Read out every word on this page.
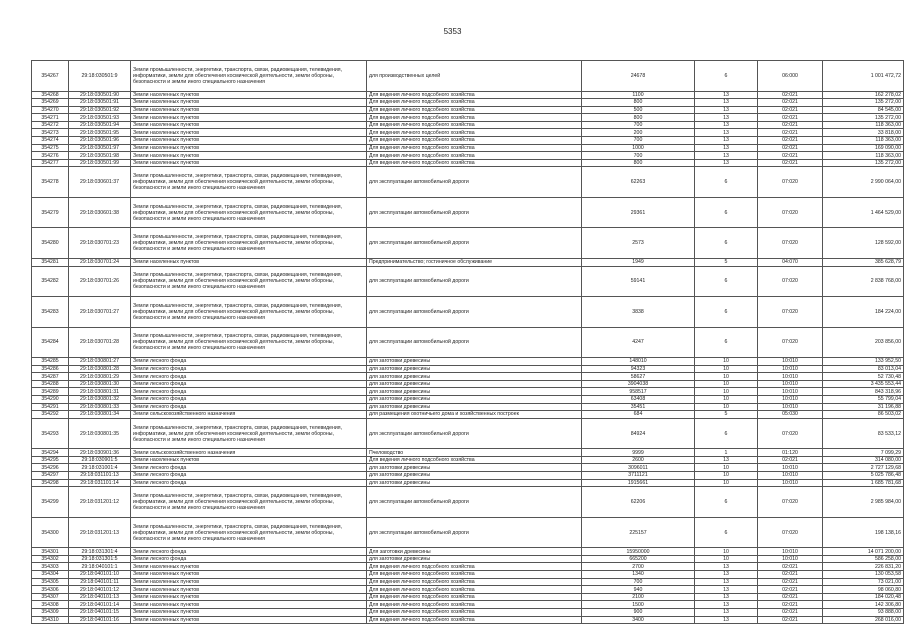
5353
354267	29:18:030501:9	Земли промышленности, энергетики, транспорта, связи, радиовещания, телевидения, информатики, земли для обеспечения космической деятельности, земли обороны, безопасности и земли иного специального назначения	для производственных целей	24678	6	06:000	1 001 472,72
354268	29:18:030501:90	Земли населенных пунктов	Для ведения личного подсобного хозяйства	1100	13	02:021	162 278,02
354269	29:18:030501:91	Земли населенных пунктов	Для ведения личного подсобного хозяйства	800	13	02:021	135 272,00
354270	29:18:030501:92	Земли населенных пунктов	Для ведения личного подсобного хозяйства	500	13	02:021	84 545,00
354271	29:18:030501:93	Земли населенных пунктов	Для ведения личного подсобного хозяйства	800	13	02:021	135 272,00
354272	29:18:030501:94	Земли населенных пунктов	Для ведения личного подсобного хозяйства	700	13	02:021	118 363,00
354273	29:18:030501:95	Земли населенных пунктов	Для ведения личного подсобного хозяйства	200	13	02:021	33 818,00
354274	29:18:030501:96	Земли населенных пунктов	Для ведения личного подсобного хозяйства	700	13	02:021	118 363,00
354275	29:18:030501:97	Земли населенных пунктов	Для ведения личного подсобного хозяйства	1000	13	02:021	169 090,00
354276	29:18:030501:98	Земли населенных пунктов	Для ведения личного подсобного хозяйства	700	13	02:021	118 363,00
354277	29:18:030501:99	Земли населенных пунктов	Для ведения личного подсобного хозяйства	800	13	02:021	135 272,00
354278	29:18:030601:37	Земли промышленности, энергетики, транспорта, связи, радиовещания, телевидения, информатики, земли для обеспечения космической деятельности, земли обороны, безопасности и земли иного специального назначения	для эксплуатации автомобильной дороги	62263	6	07:020	2 990 064,00
354279	29:18:030601:38	Земли промышленности, энергетики, транспорта, связи, радиовещания, телевидения, информатики, земли для обеспечения космической деятельности, земли обороны, безопасности и земли иного специального назначения	для эксплуатации автомобильной дороги	29361	6	07:020	1 464 529,00
354280	29:18:030701:23	Земли промышленности, энергетики, транспорта, связи, радиовещания, телевидения, информатики, земли для обеспечения космической деятельности, земли обороны, безопасности и земли иного специального назначения	для эксплуатации автомобильной дороги	2573	6	07:020	128 592,00
354281	29:18:030701:24	Земли населенных пунктов	Предпринимательство; гостиничное обслуживание	1949	5	04:070	385 628,79
354282	29:18:030701:26	Земли промышленности, энергетики, транспорта, связи, радиовещания, телевидения, информатики, земли для обеспечения космической деятельности, земли обороны, безопасности и земли иного специального назначения	для эксплуатации автомобильной дороги	59141	6	07:020	2 838 768,00
354283	29:18:030701:27	Земли промышленности, энергетики, транспорта, связи, радиовещания, телевидения, информатики, земли для обеспечения космической деятельности, земли обороны, безопасности и земли иного специального назначения	для эксплуатации автомобильной дороги	3838	6	07:020	184 224,00
354284	29:18:030701:28	Земли промышленности, энергетики, транспорта, связи, радиовещания, телевидения, информатики, земли для обеспечения космической деятельности, земли обороны, безопасности и земли иного специального назначения	для эксплуатации автомобильной дороги	4247	6	07:020	203 856,00
354285	29:18:030801:27	Земли лесного фонда	для заготовки древесины	148010	10	10:010	133 952,50
354286	29:18:030801:28	Земли лесного фонда	для заготовки древесины	94323	10	10:010	83 013,04
354287	29:18:030801:29	Земли лесного фонда	для заготовки древесины	58627	10	10:010	52 730,48
354288	29:18:030801:30	Земли лесного фонда	для заготовки древесины	3904038	10	10:010	3 435 553,44
354289	29:18:030801:31	Земли лесного фонда	для заготовки древесины	958517	10	10:010	843 318,96
354290	29:18:030801:32	Земли лесного фонда	для заготовки древесины	63408	10	10:010	55 799,04
354291	29:18:030801:33	Земли лесного фонда	для заготовки древесины	35451	10	10:010	31 196,88
354292	29:18:030801:34	Земли сельскохозяйственного назначения	для размещения охотничьего дома и хозяйственных построек	684	5	05:030	86 503,02
354293	29:18:030801:35	Земли промышленности, энергетики, транспорта, связи, радиовещания, телевидения, информатики, земли для обеспечения космической деятельности, земли обороны, безопасности и земли иного специального назначения	для эксплуатации автомобильной дороги	84924	6	07:020	83 533,12
354294	29:18:030901:36	Земли сельскохозяйственного назначения	Пчеловодство	9999	1	01:120	7 099,29
354295	29:18:030901:5	Земли населенных пунктов	Для ведения личного подсобного хозяйства	2600	13	02:021	314 080,00
354296	29:18:031001:4	Земли лесного фонда	для заготовки древесины	3096011	10	10:010	2 727 129,68
354297	29:18:031101:13	Земли лесного фонда	для заготовки древесины	3711121	10	10:010	5 025 786,48
354298	29:18:031101:14	Земли лесного фонда	для заготовки древесины	1915661	10	10:010	1 685 781,68
354299	29:18:031201:12	Земли промышленности, энергетики, транспорта, связи, радиовещания, телевидения, информатики, земли для обеспечения космической деятельности, земли обороны, безопасности и земли иного специального назначения	для эксплуатации автомобильной дороги	62206	6	07:020	2 985 984,00
354300	29:18:031201:13	Земли промышленности, энергетики, транспорта, связи, радиовещания, телевидения, информатики, земли для обеспечения космической деятельности, земли обороны, безопасности и земли иного специального назначения	для эксплуатации автомобильной дороги	225157	6	07:020	198 138,16
354301	29:18:031301:4	Земли лесного фонда	Для заготовки древесины	15950000	10	10:010	14 071 200,00
354302	29:18:031301:5	Земли лесного фонда	для заготовки древесины	665200	10	10:010	586 258,00
354303	29:18:040101:1	Земли населенных пунктов	Для ведения личного подсобного хозяйства	2700	13	02:021	226 831,20
354304	29:18:040101:10	Земли населенных пунктов	Для ведения личного подсобного хозяйства	1340	13	02:021	130 053,58
354305	29:18:040101:11	Земли населенных пунктов	Для ведения личного подсобного хозяйства	700	13	02:021	73 021,00
354306	29:18:040101:12	Земли населенных пунктов	Для ведения личного подсобного хозяйства	940	13	02:021	98 060,80
354307	29:18:040101:13	Земли населенных пунктов	Для ведения личного подсобного хозяйства	2100	13	02:021	184 020,48
354308	29:18:040101:14	Земли населенных пунктов	Для ведения личного подсобного хозяйства	1500	13	02:021	142 306,80
354309	29:18:040101:15	Земли населенных пунктов	Для ведения личного подсобного хозяйства	900	13	02:021	93 888,00
354310	29:18:040101:16	Земли населенных пунктов	Для ведения личного подсобного хозяйства	3400	13	02:021	268 016,00
